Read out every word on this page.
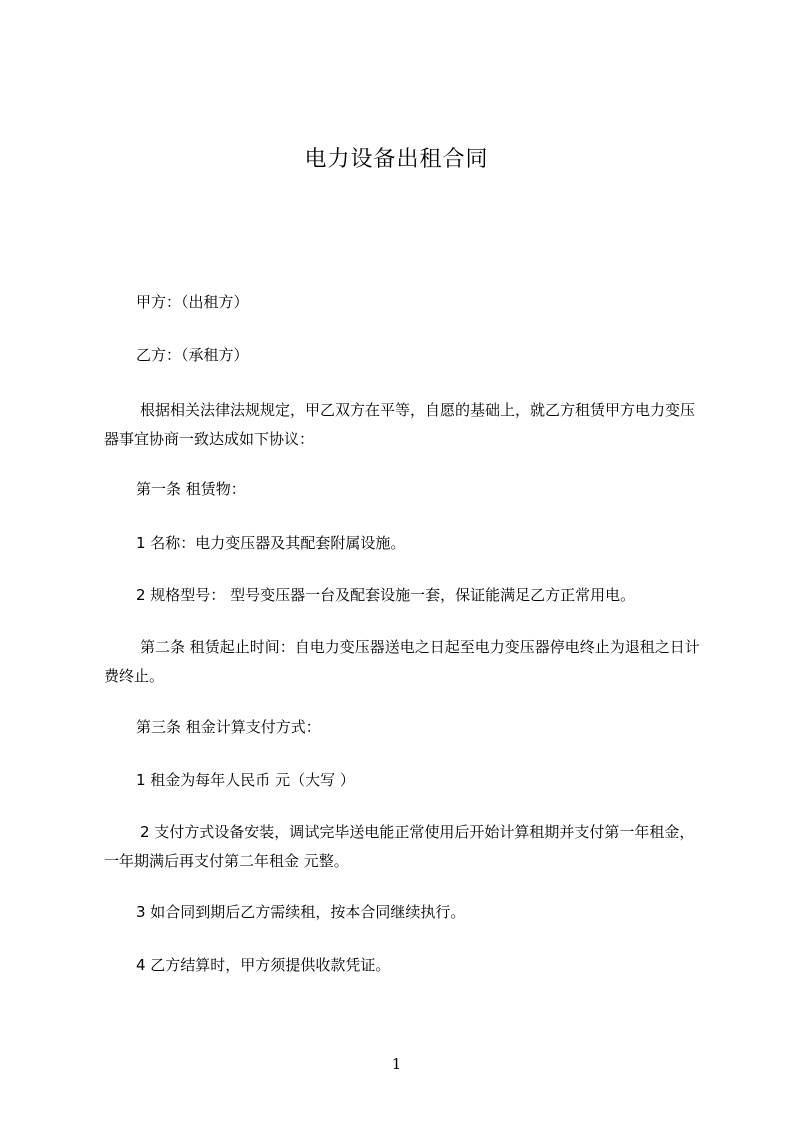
电力设备出租合同

甲方：（出租方）

乙方：（承租方）

根据相关法律法规规定，甲乙双方在平等，自愿的基础上，就乙方租赁甲方电力变压器事宜协商一致达成如下协议：

第一条 租赁物：

1 名称：电力变压器及其配套附属设施。

2 规格型号： 型号变压器一台及配套设施一套，保证能满足乙方正常用电。

第二条 租赁起止时间：自电力变压器送电之日起至电力变压器停电终止为退租之日计费终止。

第三条 租金计算支付方式：

1 租金为每年人民币 元（大写 ）

2 支付方式设备安装，调试完毕送电能正常使用后开始计算租期并支付第一年租金，一年期满后再支付第二年租金 元整。

3 如合同到期后乙方需续租，按本合同继续执行。

4 乙方结算时，甲方须提供收款凭证。

1
